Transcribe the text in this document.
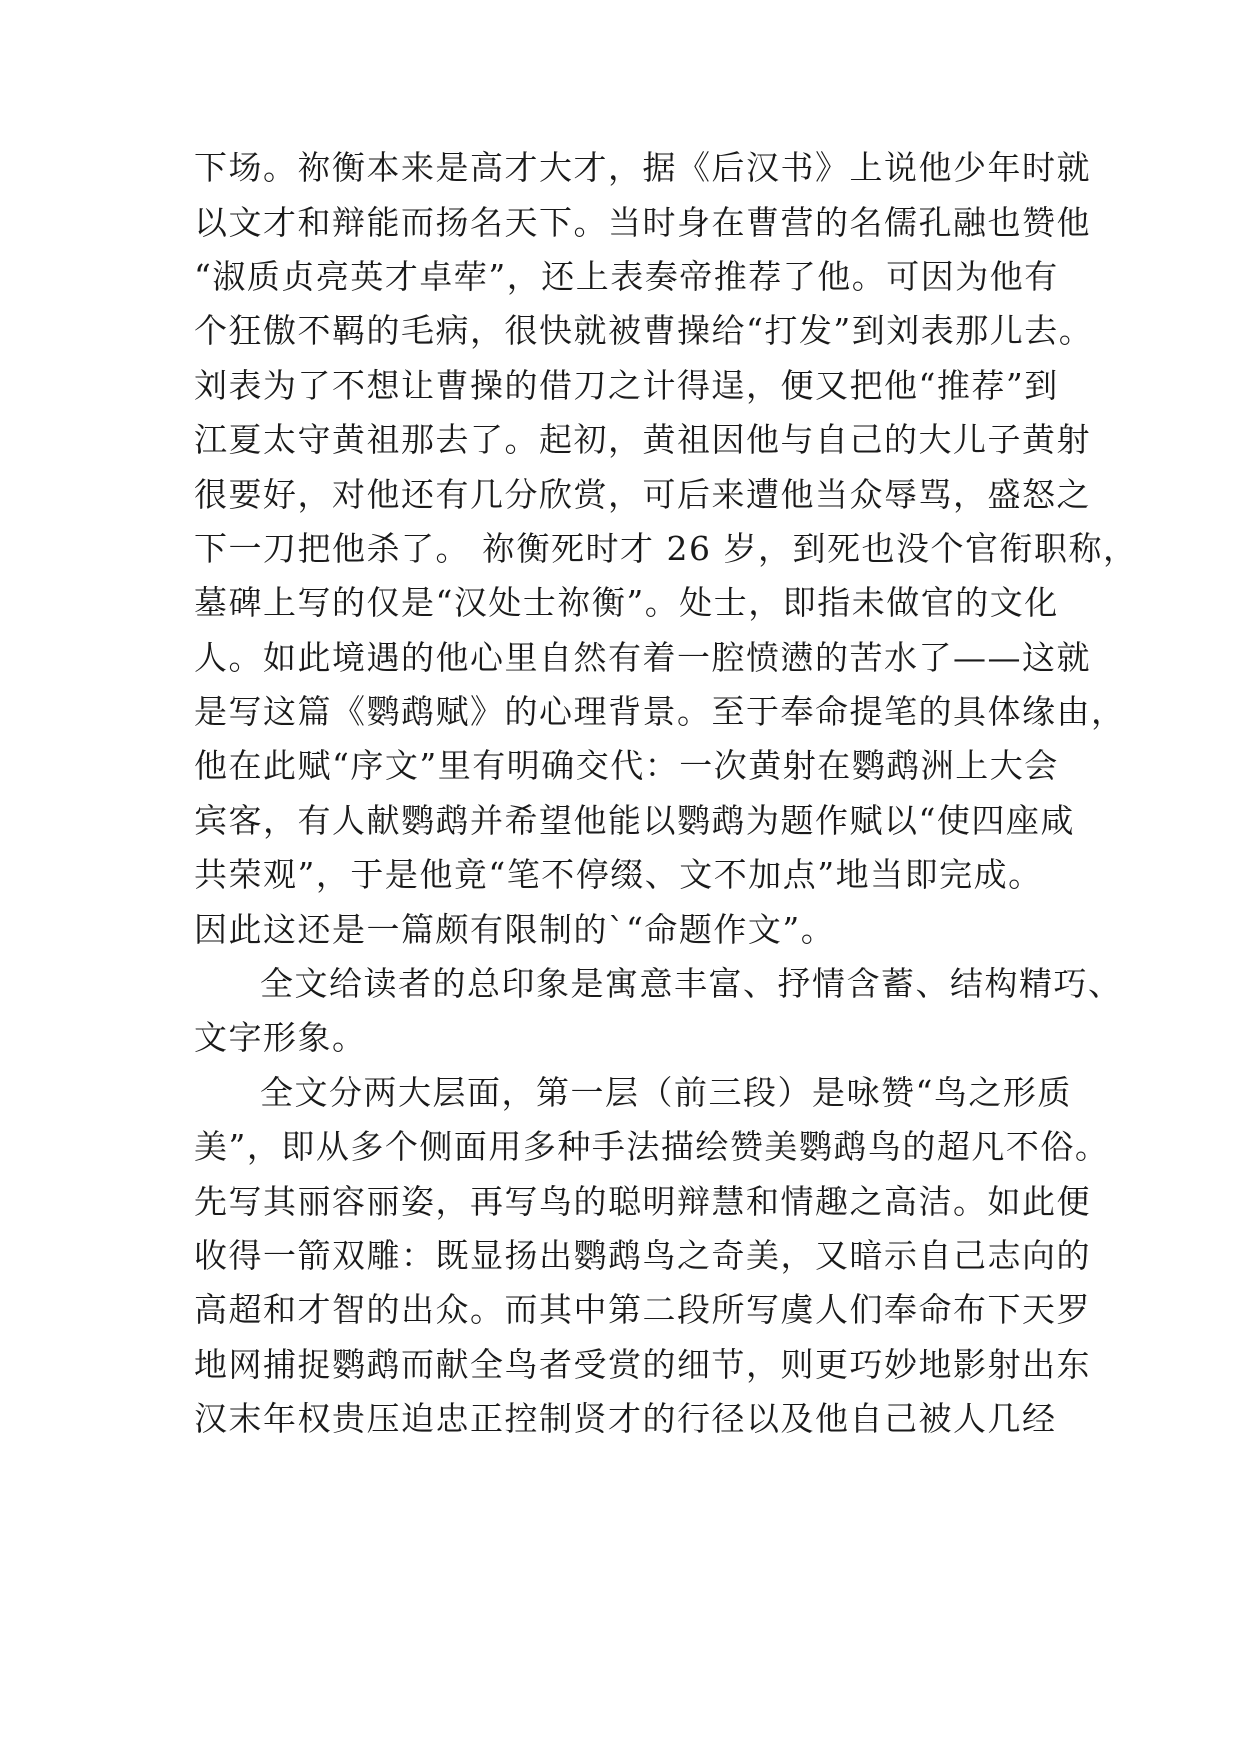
下场。祢衡本来是高才大才，据《后汉书》上说他少年时就
以文才和辩能而扬名天下。当时身在曹营的名儒孔融也赞他
“淑质贞亮英才卓荦”，还上表奏帝推荐了他。可因为他有
个狂傲不羁的毛病，很快就被曹操给“打发”到刘表那儿去。
刘表为了不想让曹操的借刀之计得逞，便又把他“推荐”到
江夏太守黄祖那去了。起初，黄祖因他与自己的大儿子黄射
很要好，对他还有几分欣赏，可后来遭他当众辱骂，盛怒之
下一刀把他杀了。 祢衡死时才 26 岁，到死也没个官衔职称，
墓碑上写的仅是“汉处士祢衡”。处士，即指未做官的文化
人。如此境遇的他心里自然有着一腔愤懑的苦水了——这就
是写这篇《鹦鹉赋》的心理背景。至于奉命提笔的具体缘由，
他在此赋“序文”里有明确交代：一次黄射在鹦鹉洲上大会
宾客，有人献鹦鹉并希望他能以鹦鹉为题作赋以“使四座咸
共荣观”，于是他竟“笔不停缀、文不加点”地当即完成。
因此这还是一篇颇有限制的`“命题作文”。
全文给读者的总印象是寓意丰富、抒情含蓄、结构精巧、
文字形象。
全文分两大层面，第一层（前三段）是咏赞“鸟之形质
美”，即从多个侧面用多种手法描绘赞美鹦鹉鸟的超凡不俗。
先写其丽容丽姿，再写鸟的聪明辩慧和情趣之高洁。如此便
收得一箭双雕：既显扬出鹦鹉鸟之奇美，又暗示自己志向的
高超和才智的出众。而其中第二段所写虞人们奉命布下天罗
地网捕捉鹦鹉而献全鸟者受赏的细节，则更巧妙地影射出东
汉末年权贵压迫忠正控制贤才的行径以及他自己被人几经
